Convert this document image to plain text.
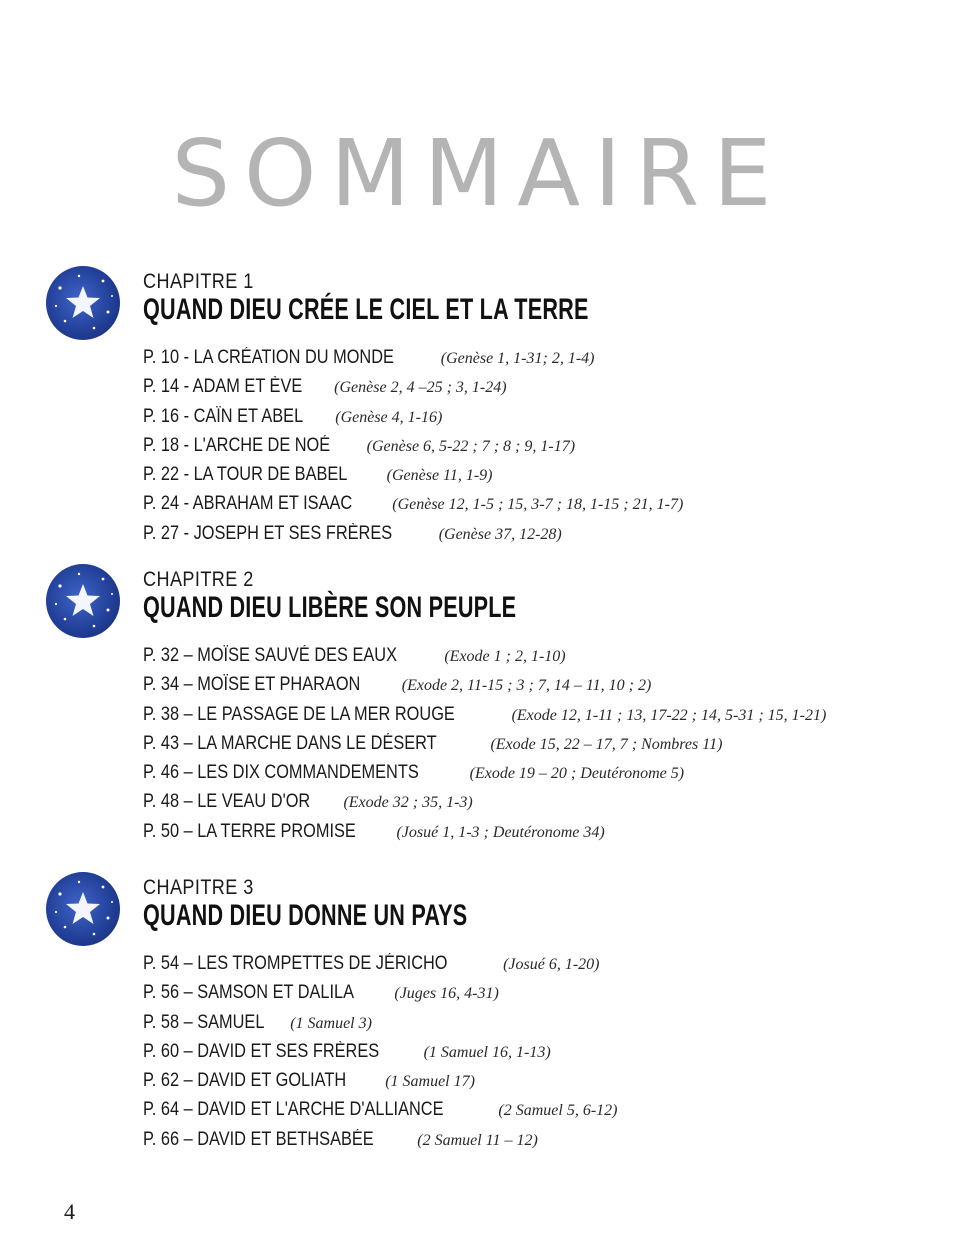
SOMMAIRE
CHAPITRE 1
QUAND DIEU CRÉE LE CIEL ET LA TERRE
P. 10 - LA CRÉATION DU MONDE	(Genèse 1, 1-31; 2, 1-4)
P. 14 - ADAM ET ÈVE (Genèse 2, 4 –25 ; 3, 1-24)
P. 16 - CAÏN ET ABEL (Genèse 4, 1-16)
P. 18 - L'ARCHE DE NOÉ (Genèse 6, 5-22 ; 7 ; 8 ; 9, 1-17)
P. 22 - LA TOUR DE BABEL (Genèse 11, 1-9)
P. 24 - ABRAHAM ET ISAAC	(Genèse 12, 1-5 ; 15, 3-7 ; 18, 1-15 ; 21, 1-7)
P. 27 - JOSEPH ET SES FRÈRES	(Genèse 37, 12-28)
CHAPITRE 2
QUAND DIEU LIBÈRE SON PEUPLE
P. 32 – MOÏSE SAUVÉ DES EAUX	(Exode 1 ; 2, 1-10)
P. 34 – MOÏSE ET PHARAON	(Exode 2, 11-15 ; 3 ; 7, 14 – 11, 10 ; 2)
P. 38 – LE PASSAGE DE LA MER ROUGE	(Exode 12, 1-11 ; 13, 17-22 ; 14, 5-31 ; 15, 1-21)
P. 43 – LA MARCHE DANS LE DÉSERT	(Exode 15, 22 – 17, 7 ; Nombres 11)
P. 46 – LES DIX COMMANDEMENTS	(Exode 19 – 20 ; Deutéronome 5)
P. 48 – LE VEAU D'OR (Exode 32 ; 35, 1-3)
P. 50 – LA TERRE PROMISE	(Josué 1, 1-3 ; Deutéronome 34)
CHAPITRE 3
QUAND DIEU DONNE UN PAYS
P. 54 – LES TROMPETTES DE JÉRICHO	(Josué 6, 1-20)
P. 56 – SAMSON ET DALILA	(Juges 16, 4-31)
P. 58 – SAMUEL (1 Samuel 3)
P. 60 – DAVID ET SES FRÈRES	(1 Samuel 16, 1-13)
P. 62 – DAVID ET GOLIATH (1 Samuel 17)
P. 64 – DAVID ET L'ARCHE D'ALLIANCE	(2 Samuel 5, 6-12)
P. 66 – DAVID ET BETHSABÉE	(2 Samuel 11 – 12)
4
